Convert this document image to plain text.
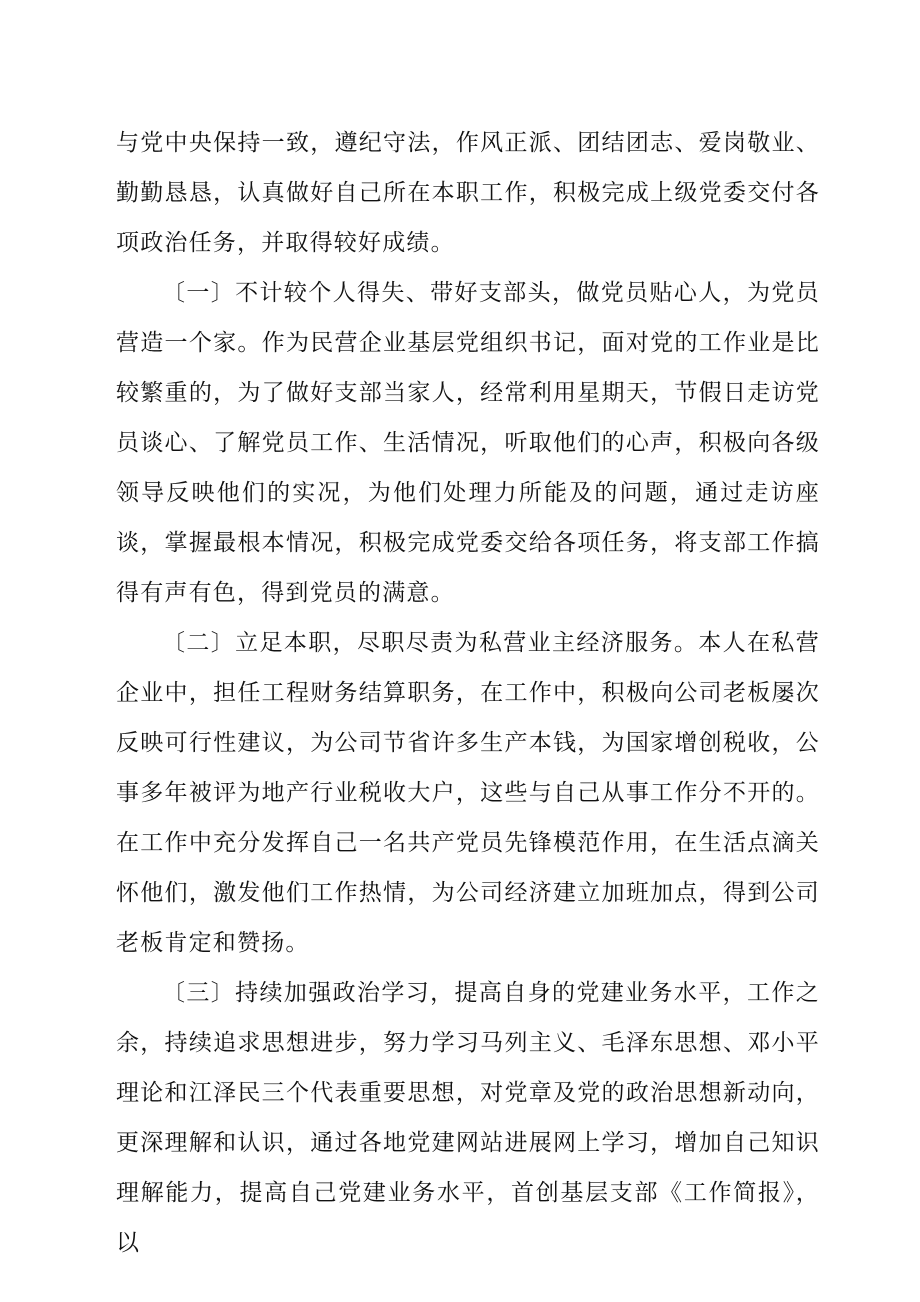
与党中央保持一致，遵纪守法，作风正派、团结团志、爱岗敬业、勤勤恳恳，认真做好自己所在本职工作，积极完成上级党委交付各项政治任务，并取得较好成绩。

〔一〕不计较个人得失、带好支部头，做党员贴心人，为党员营造一个家。作为民营企业基层党组织书记，面对党的工作业是比较繁重的，为了做好支部当家人，经常利用星期天，节假日走访党员谈心、了解党员工作、生活情况，听取他们的心声，积极向各级领导反映他们的实况，为他们处理力所能及的问题，通过走访座谈，掌握最根本情况，积极完成党委交给各项任务，将支部工作搞得有声有色，得到党员的满意。

〔二〕立足本职，尽职尽责为私营业主经济服务。本人在私营企业中，担任工程财务结算职务，在工作中，积极向公司老板屡次反映可行性建议，为公司节省许多生产本钱，为国家增创税收，公事多年被评为地产行业税收大户，这些与自己从事工作分不开的。在工作中充分发挥自己一名共产党员先锋模范作用，在生活点滴关怀他们，激发他们工作热情，为公司经济建立加班加点，得到公司老板肯定和赞扬。

〔三〕持续加强政治学习，提高自身的党建业务水平，工作之余，持续追求思想进步，努力学习马列主义、毛泽东思想、邓小平理论和江泽民三个代表重要思想，对党章及党的政治思想新动向，更深理解和认识，通过各地党建网站进展网上学习，增加自己知识理解能力，提高自己党建业务水平，首创基层支部《工作简报》，以
